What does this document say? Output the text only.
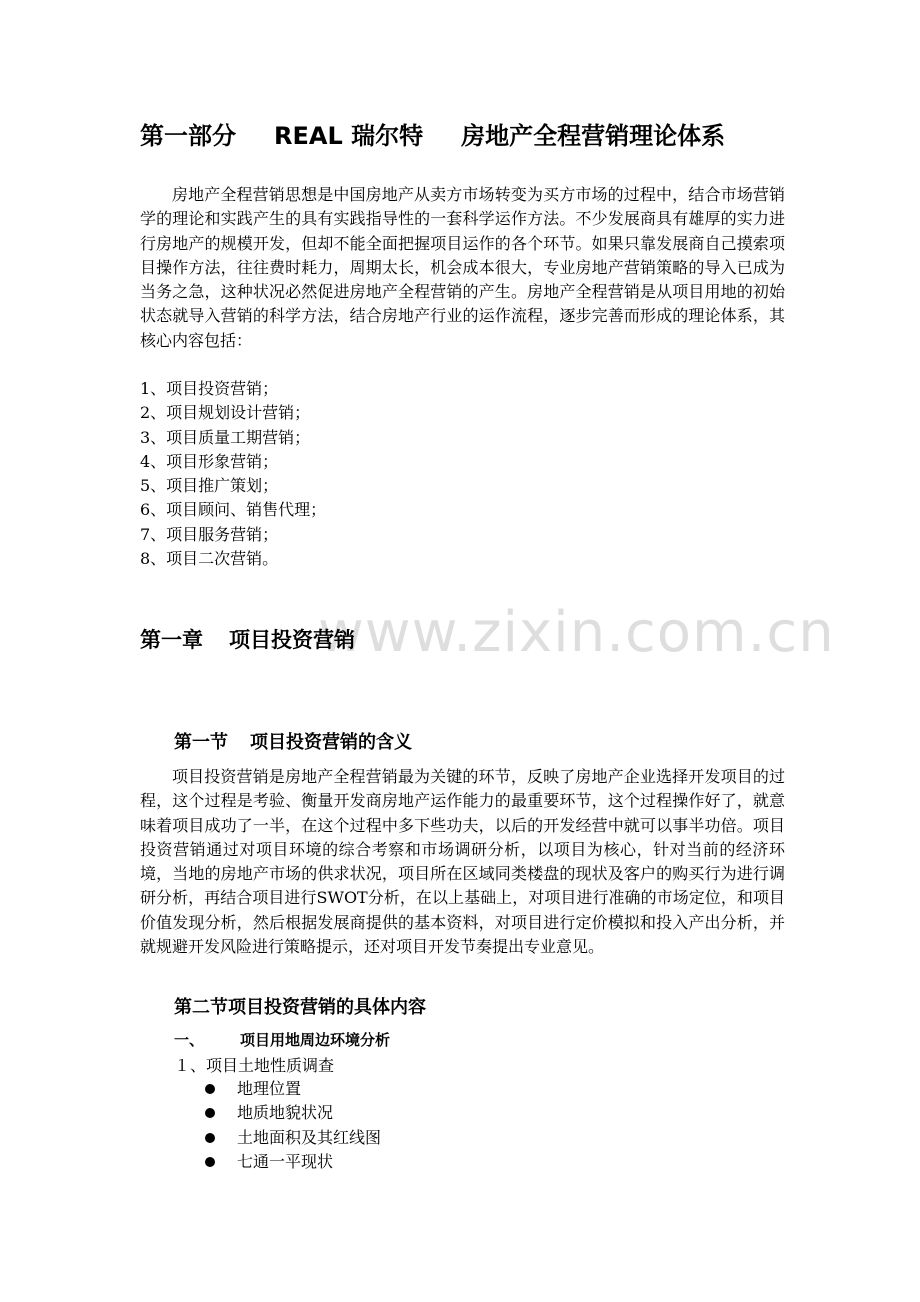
第一部分 REAL 瑞尔特 房地产全程营销理论体系
房地产全程营销思想是中国房地产从卖方市场转变为买方市场的过程中，结合市场营销学的理论和实践产生的具有实践指导性的一套科学运作方法。不少发展商具有雄厚的实力进行房地产的规模开发，但却不能全面把握项目运作的各个环节。如果只靠发展商自己摸索项目操作方法，往往费时耗力，周期太长，机会成本很大，专业房地产营销策略的导入已成为当务之急，这种状况必然促进房地产全程营销的产生。房地产全程营销是从项目用地的初始状态就导入营销的科学方法，结合房地产行业的运作流程，逐步完善而形成的理论体系，其核心内容包括：
1、项目投资营销；
2、项目规划设计营销；
3、项目质量工期营销；
4、项目形象营销；
5、项目推广策划；
6、项目顾问、销售代理；
7、项目服务营销；
8、项目二次营销。
www.zixin.com.cn
第一章 项目投资营销
第一节 项目投资营销的含义
项目投资营销是房地产全程营销最为关键的环节，反映了房地产企业选择开发项目的过程，这个过程是考验、衡量开发商房地产运作能力的最重要环节，这个过程操作好了，就意味着项目成功了一半，在这个过程中多下些功夫，以后的开发经营中就可以事半功倍。项目投资营销通过对项目环境的综合考察和市场调研分析，以项目为核心，针对当前的经济环境，当地的房地产市场的供求状况，项目所在区域同类楼盘的现状及客户的购买行为进行调研分析，再结合项目进行SWOT分析，在以上基础上，对项目进行准确的市场定位，和项目价值发现分析，然后根据发展商提供的基本资料，对项目进行定价模拟和投入产出分析，并就规避开发风险进行策略提示，还对项目开发节奏提出专业意见。
第二节项目投资营销的具体内容
一、 项目用地周边环境分析
１、项目土地性质调查
地理位置
地质地貌状况
土地面积及其红线图
七通一平现状
